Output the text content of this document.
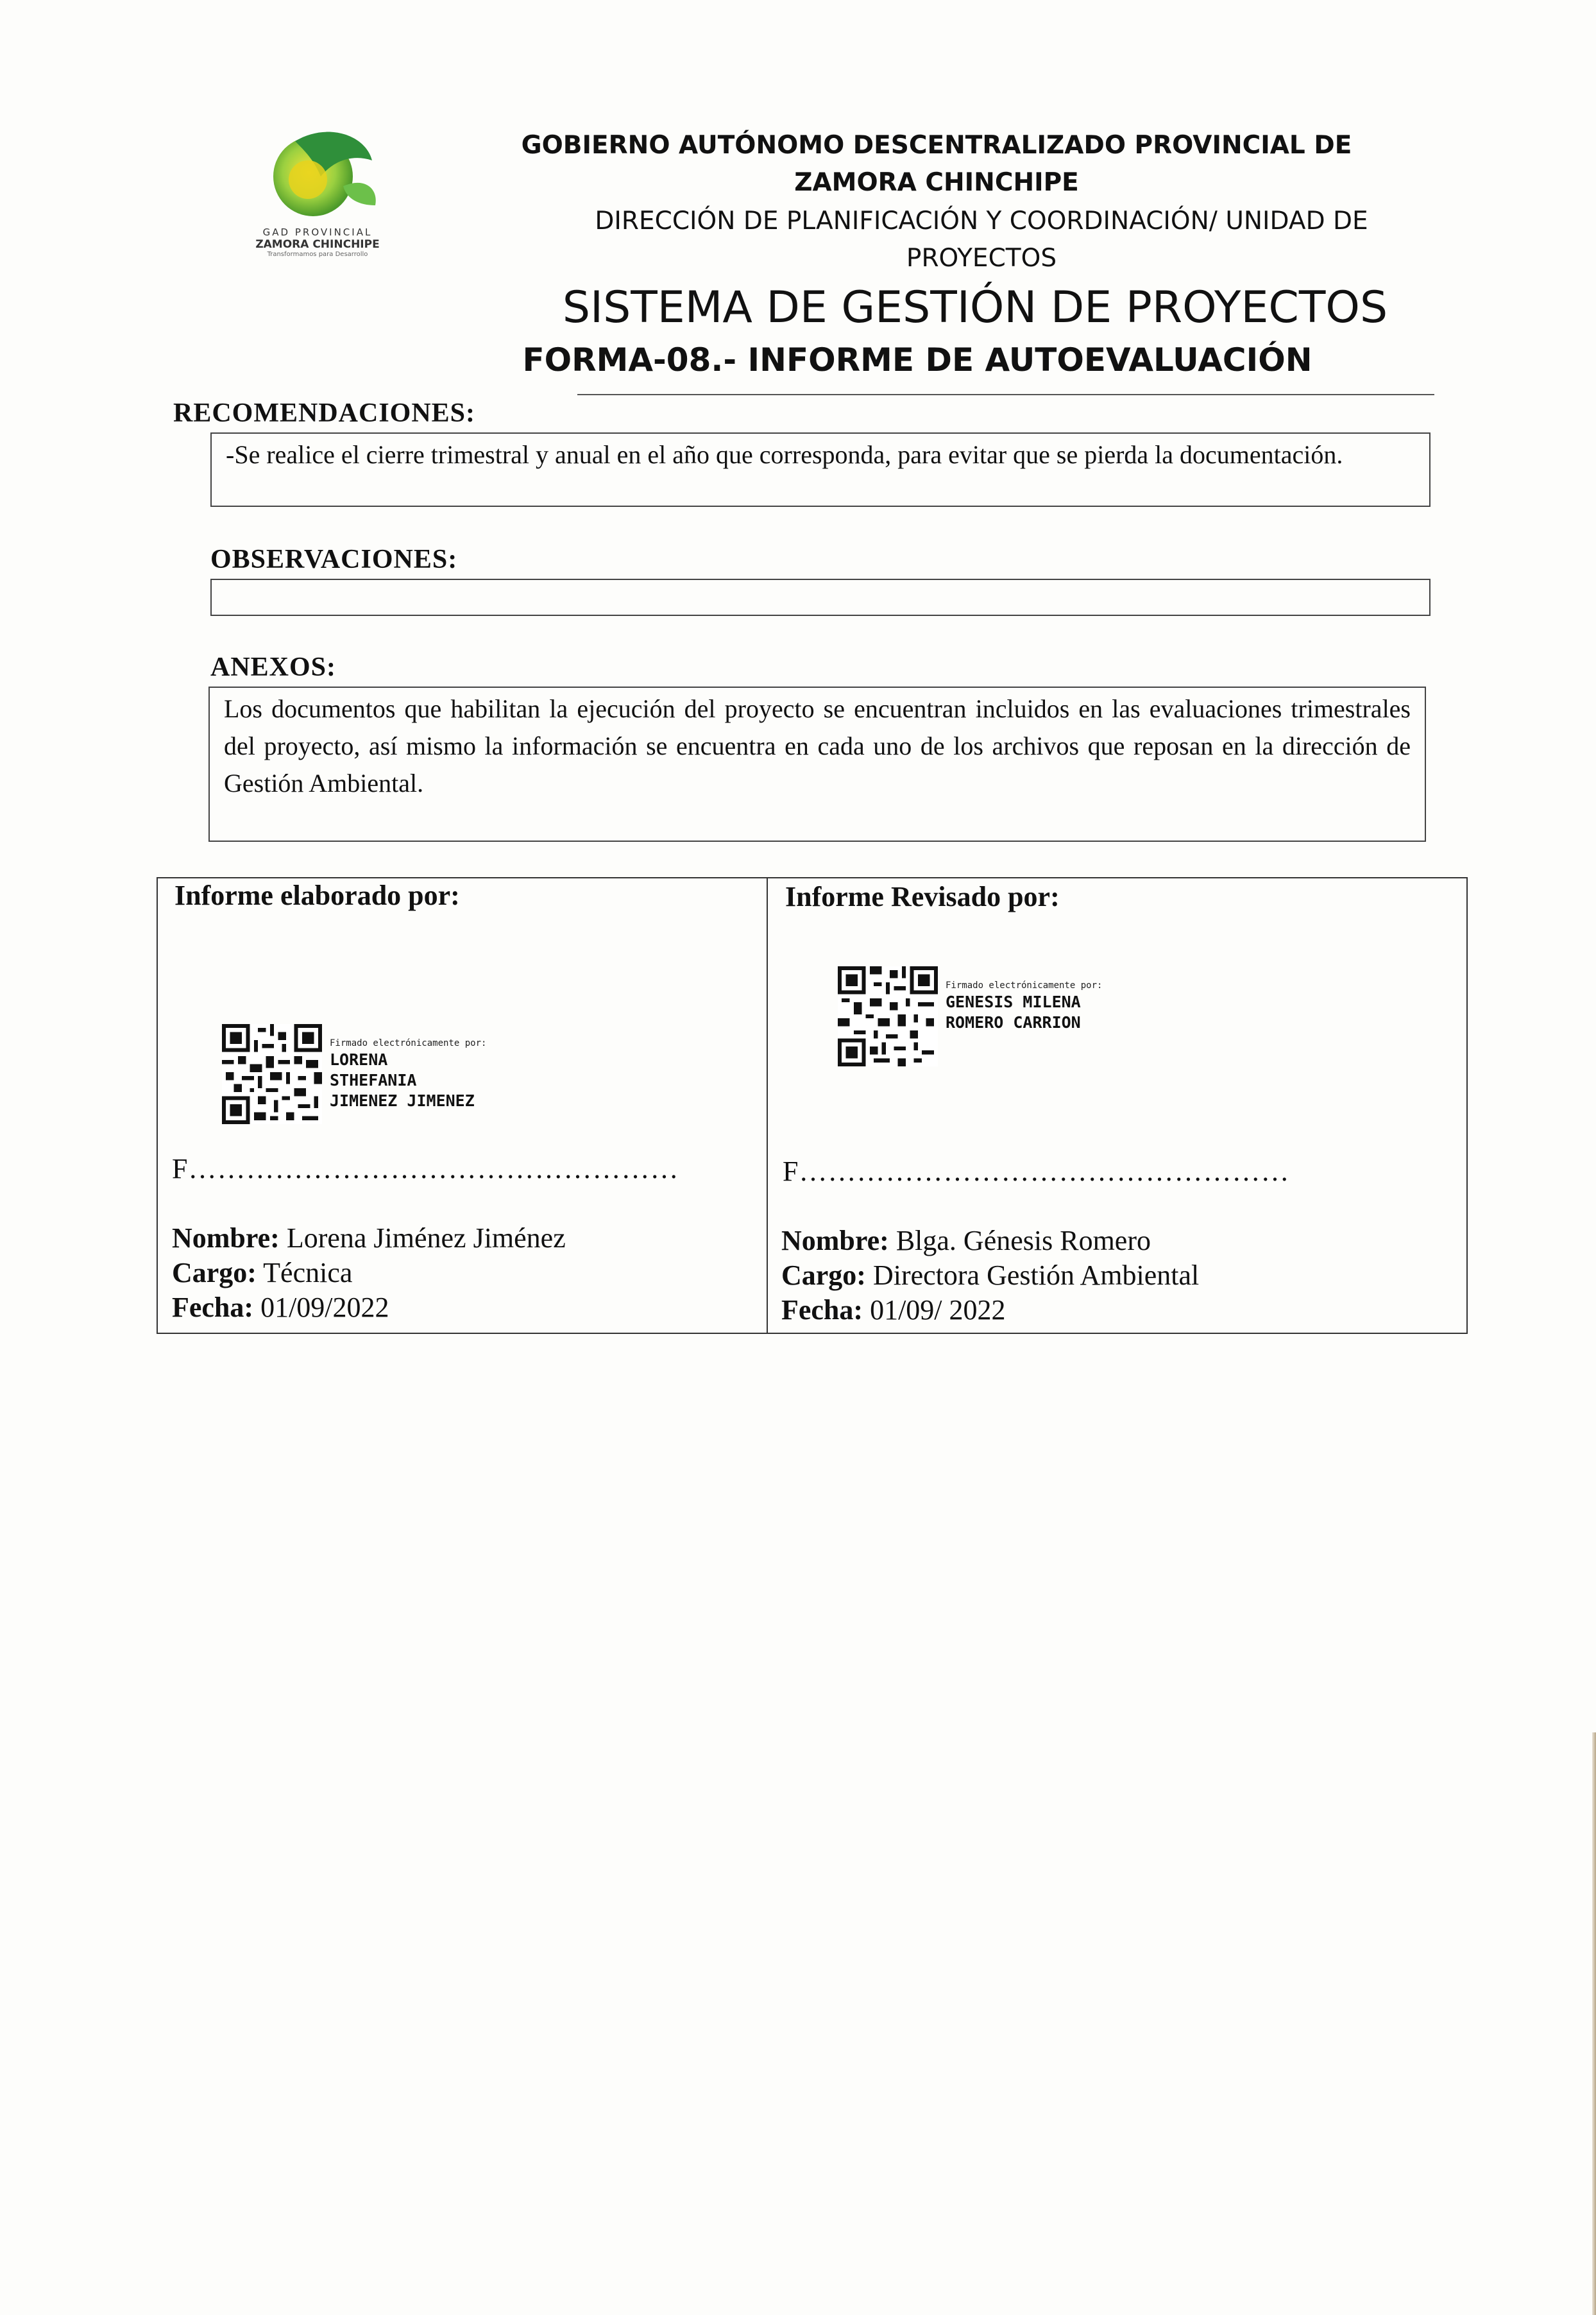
GAD PROVINCIAL
ZAMORA CHINCHIPE
Transformamos para Desarrollo
GOBIERNO AUTÓNOMO DESCENTRALIZADO PROVINCIAL DE ZAMORA CHINCHIPE
DIRECCIÓN DE PLANIFICACIÓN Y COORDINACIÓN/ UNIDAD DE PROYECTOS
SISTEMA DE GESTIÓN DE PROYECTOS
FORMA-08.- INFORME DE AUTOEVALUACIÓN
RECOMENDACIONES:
-Se realice el cierre trimestral y anual en el año que corresponda, para evitar que se pierda la documentación.
OBSERVACIONES:
ANEXOS:
Los documentos que habilitan la ejecución del proyecto se encuentran incluidos en las evaluaciones trimestrales del proyecto, así mismo la información se encuentra en cada uno de los archivos que reposan en la dirección de Gestión Ambiental.
Informe elaborado por:
Firmado electrónicamente por:
LORENA
STHEFANIA
JIMENEZ JIMENEZ
F……………………………………………
Nombre: Lorena Jiménez Jiménez
Cargo: Técnica
Fecha: 01/09/2022
Informe Revisado por:
Firmado electrónicamente por:
GENESIS MILENA
ROMERO CARRION
F……………………………………………
Nombre: Blga. Génesis Romero
Cargo: Directora Gestión Ambiental
Fecha: 01/09/ 2022
